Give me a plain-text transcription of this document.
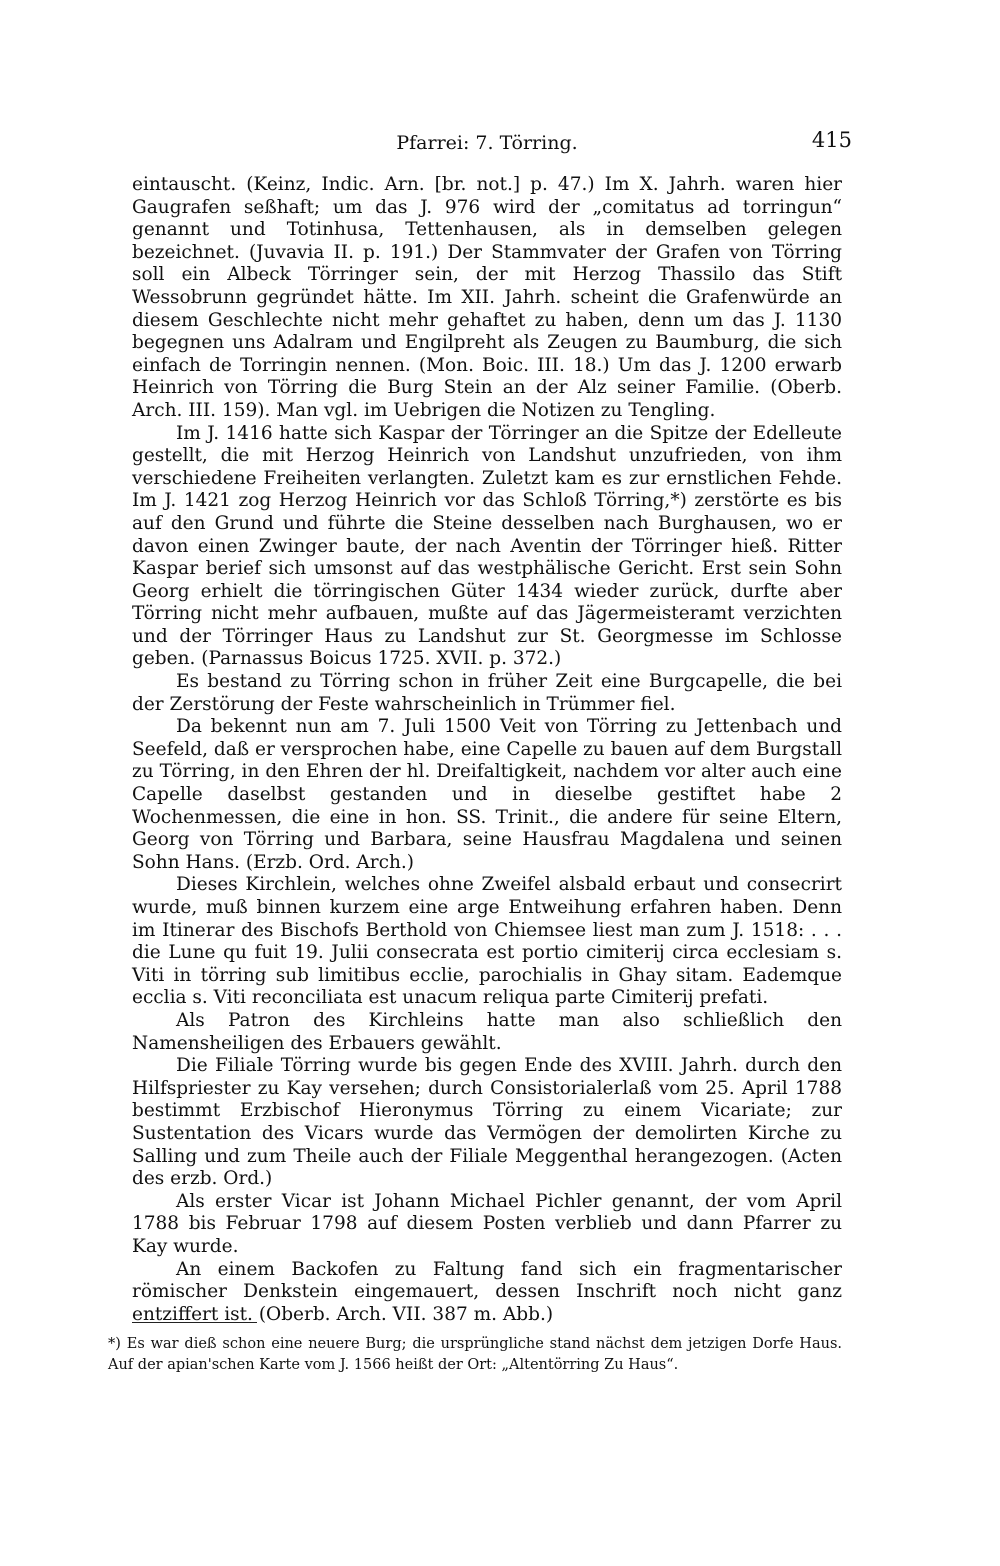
Pfarrei: 7. Törring.	415

eintauscht. (Keinz, Indic. Arn. [br. not.] p. 47.) Im X. Jahrh. waren hier Gaugrafen seßhaft; um das J. 976 wird der „comitatus ad torringun“ genannt und Totinhusa, Tettenhausen, als in demselben gelegen bezeichnet. (Juvavia II. p. 191.) Der Stammvater der Grafen von Törring soll ein Albeck Törringer sein, der mit Herzog Thassilo das Stift Wessobrunn gegründet hätte. Im XII. Jahrh. scheint die Grafenwürde an diesem Geschlechte nicht mehr gehaftet zu haben, denn um das J. 1130 begegnen uns Adalram und Engilpreht als Zeugen zu Baumburg, die sich einfach de Torringin nennen. (Mon. Boic. III. 18.) Um das J. 1200 erwarb Heinrich von Törring die Burg Stein an der Alz seiner Familie. (Oberb. Arch. III. 159). Man vgl. im Uebrigen die Notizen zu Tengling.

Im J. 1416 hatte sich Kaspar der Törringer an die Spitze der Edelleute gestellt, die mit Herzog Heinrich von Landshut unzufrieden, von ihm verschiedene Freiheiten verlangten. Zuletzt kam es zur ernstlichen Fehde. Im J. 1421 zog Herzog Heinrich vor das Schloß Törring,*) zerstörte es bis auf den Grund und führte die Steine desselben nach Burghausen, wo er davon einen Zwinger baute, der nach Aventin der Törringer hieß. Ritter Kaspar berief sich umsonst auf das westphälische Gericht. Erst sein Sohn Georg erhielt die törringischen Güter 1434 wieder zurück, durfte aber Törring nicht mehr aufbauen, mußte auf das Jägermeisteramt verzichten und der Törringer Haus zu Landshut zur St. Georgmesse im Schlosse geben. (Parnassus Boicus 1725. XVII. p. 372.)

Es bestand zu Törring schon in früher Zeit eine Burgcapelle, die bei der Zerstörung der Feste wahrscheinlich in Trümmer fiel.

Da bekennt nun am 7. Juli 1500 Veit von Törring zu Jettenbach und Seefeld, daß er versprochen habe, eine Capelle zu bauen auf dem Burgstall zu Törring, in den Ehren der hl. Dreifaltigkeit, nachdem vor alter auch eine Capelle daselbst gestanden und in dieselbe gestiftet habe 2 Wochenmessen, die eine in hon. SS. Trinit., die andere für seine Eltern, Georg von Törring und Barbara, seine Hausfrau Magdalena und seinen Sohn Hans. (Erzb. Ord. Arch.)

Dieses Kirchlein, welches ohne Zweifel alsbald erbaut und consecrirt wurde, muß binnen kurzem eine arge Entweihung erfahren haben. Denn im Itinerar des Bischofs Berthold von Chiemsee liest man zum J. 1518: . . . die Lune qu fuit 19. Julii consecrata est portio cimiterij circa ecclesiam s. Viti in törring sub limitibus ecclie, parochialis in Ghay sitam. Eademque ecclia s. Viti reconciliata est unacum reliqua parte Cimiterij prefati.

Als Patron des Kirchleins hatte man also schließlich den Namensheiligen des Erbauers gewählt.

Die Filiale Törring wurde bis gegen Ende des XVIII. Jahrh. durch den Hilfspriester zu Kay versehen; durch Consistorialerlaß vom 25. April 1788 bestimmt Erzbischof Hieronymus Törring zu einem Vicariate; zur Sustentation des Vicars wurde das Vermögen der demolirten Kirche zu Salling und zum Theile auch der Filiale Meggenthal herangezogen. (Acten des erzb. Ord.)

Als erster Vicar ist Johann Michael Pichler genannt, der vom April 1788 bis Februar 1798 auf diesem Posten verblieb und dann Pfarrer zu Kay wurde.

An einem Backofen zu Faltung fand sich ein fragmentarischer römischer Denkstein eingemauert, dessen Inschrift noch nicht ganz entziffert ist. (Oberb. Arch. VII. 387 m. Abb.)

*) Es war dieß schon eine neuere Burg; die ursprüngliche stand nächst dem jetzigen Dorfe Haus. Auf der apian'schen Karte vom J. 1566 heißt der Ort: „Altentörring Zu Haus“.
